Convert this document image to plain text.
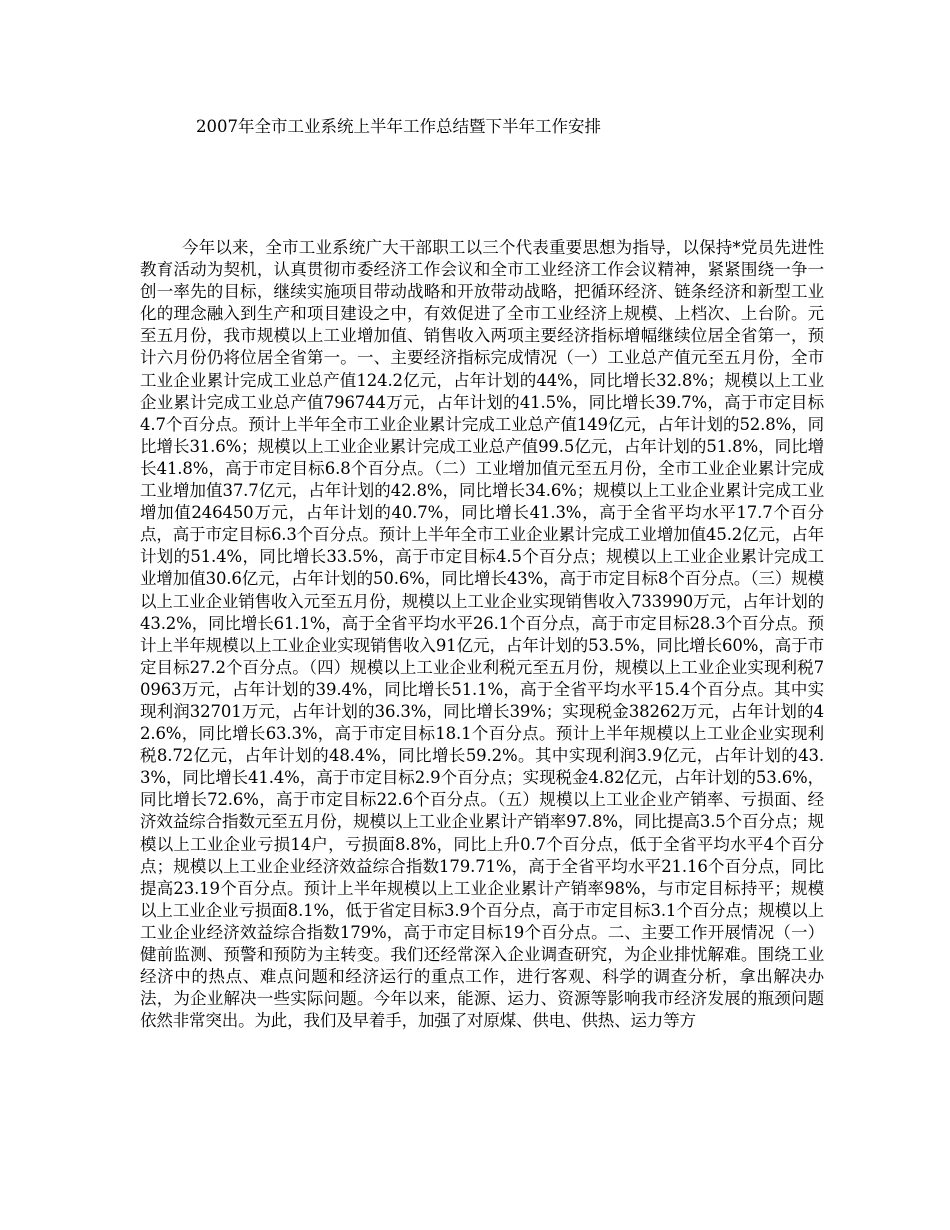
2007年全市工业系统上半年工作总结暨下半年工作安排

今年以来，全市工业系统广大干部职工以三个代表重要思想为指导，以保持*党员先进性教育活动为契机，认真贯彻市委经济工作会议和全市工业经济工作会议精神，紧紧围绕一争一创一率先的目标，继续实施项目带动战略和开放带动战略，把循环经济、链条经济和新型工业化的理念融入到生产和项目建设之中，有效促进了全市工业经济上规模、上档次、上台阶。元至五月份，我市规模以上工业增加值、销售收入两项主要经济指标增幅继续位居全省第一，预计六月份仍将位居全省第一。一、主要经济指标完成情况（一）工业总产值元至五月份，全市工业企业累计完成工业总产值124.2亿元，占年计划的44%，同比增长32.8%；规模以上工业企业累计完成工业总产值796744万元，占年计划的41.5%，同比增长39.7%，高于市定目标4.7个百分点。预计上半年全市工业企业累计完成工业总产值149亿元，占年计划的52.8%，同比增长31.6%；规模以上工业企业累计完成工业总产值99.5亿元，占年计划的51.8%，同比增长41.8%，高于市定目标6.8个百分点。（二）工业增加值元至五月份，全市工业企业累计完成工业增加值37.7亿元，占年计划的42.8%，同比增长34.6%；规模以上工业企业累计完成工业增加值246450万元，占年计划的40.7%，同比增长41.3%，高于全省平均水平17.7个百分点，高于市定目标6.3个百分点。预计上半年全市工业企业累计完成工业增加值45.2亿元，占年计划的51.4%，同比增长33.5%，高于市定目标4.5个百分点；规模以上工业企业累计完成工业增加值30.6亿元，占年计划的50.6%，同比增长43%，高于市定目标8个百分点。（三）规模以上工业企业销售收入元至五月份，规模以上工业企业实现销售收入733990万元，占年计划的43.2%，同比增长61.1%，高于全省平均水平26.1个百分点，高于市定目标28.3个百分点。预计上半年规模以上工业企业实现销售收入91亿元，占年计划的53.5%，同比增长60%，高于市定目标27.2个百分点。（四）规模以上工业企业利税元至五月份，规模以上工业企业实现利税70963万元，占年计划的39.4%，同比增长51.1%，高于全省平均水平15.4个百分点。其中实现利润32701万元，占年计划的36.3%，同比增长39%；实现税金38262万元，占年计划的42.6%，同比增长63.3%，高于市定目标18.1个百分点。预计上半年规模以上工业企业实现利税8.72亿元，占年计划的48.4%，同比增长59.2%。其中实现利润3.9亿元，占年计划的43.3%，同比增长41.4%，高于市定目标2.9个百分点；实现税金4.82亿元，占年计划的53.6%，同比增长72.6%，高于市定目标22.6个百分点。（五）规模以上工业企业产销率、亏损面、经济效益综合指数元至五月份，规模以上工业企业累计产销率97.8%，同比提高3.5个百分点；规模以上工业企业亏损14户，亏损面8.8%，同比上升0.7个百分点，低于全省平均水平4个百分点；规模以上工业企业经济效益综合指数179.71%，高于全省平均水平21.16个百分点，同比提高23.19个百分点。预计上半年规模以上工业企业累计产销率98%，与市定目标持平；规模以上工业企业亏损面8.1%，低于省定目标3.9个百分点，高于市定目标3.1个百分点；规模以上工业企业经济效益综合指数179%，高于市定目标19个百分点。二、主要工作开展情况（一）健前监测、预警和预防为主转变。我们还经常深入企业调查研究，为企业排忧解难。围绕工业经济中的热点、难点问题和经济运行的重点工作，进行客观、科学的调查分析，拿出解决办法，为企业解决一些实际问题。今年以来，能源、运力、资源等影响我市经济发展的瓶颈问题依然非常突出。为此，我们及早着手，加强了对原煤、供电、供热、运力等方
